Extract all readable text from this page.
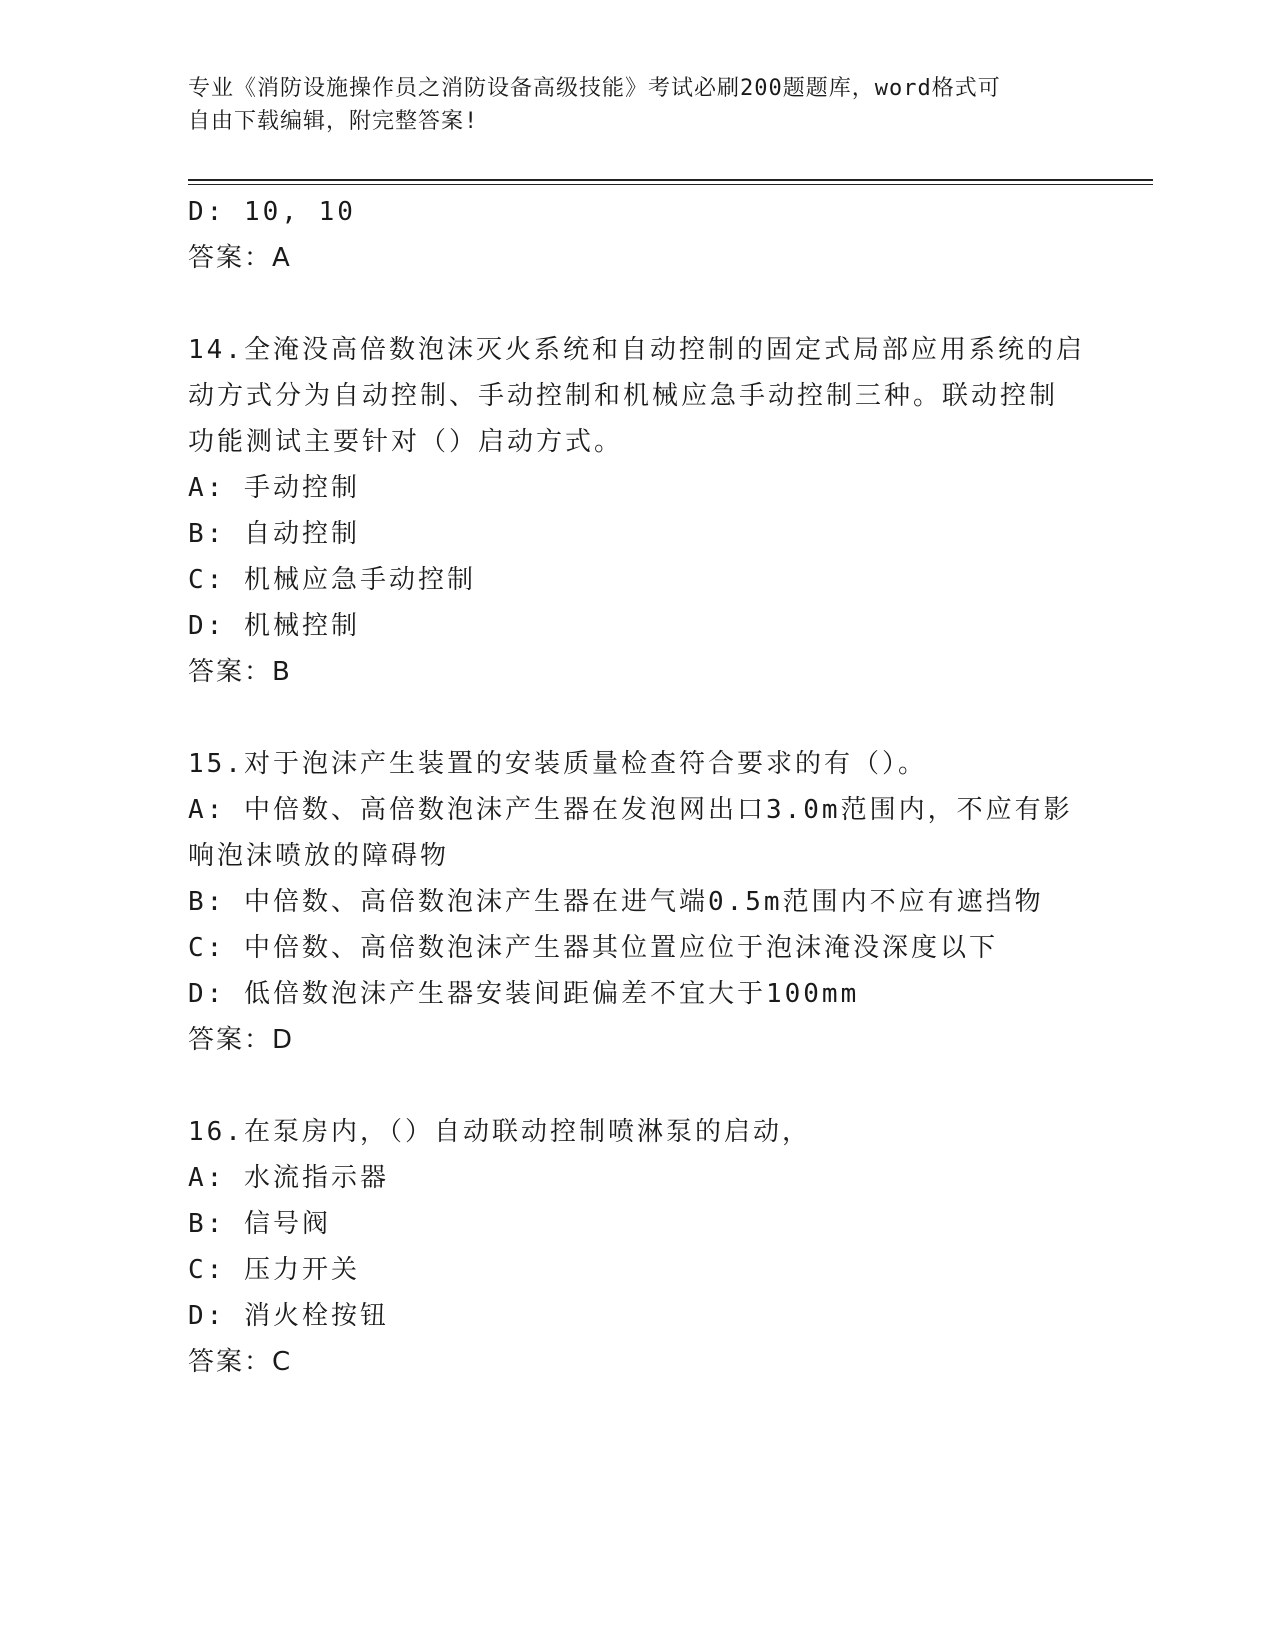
专业《消防设施操作员之消防设备高级技能》考试必刷200题题库，word格式可
自由下载编辑，附完整答案!
D: 10, 10
答案：A
14.全淹没高倍数泡沫灭火系统和自动控制的固定式局部应用系统的启
动方式分为自动控制、手动控制和机械应急手动控制三种。联动控制
功能测试主要针对（）启动方式。
A: 手动控制
B: 自动控制
C: 机械应急手动控制
D: 机械控制
答案：B
15.对于泡沫产生装置的安装质量检查符合要求的有（）。
A: 中倍数、高倍数泡沫产生器在发泡网出口3.0m范围内，不应有影
响泡沫喷放的障碍物
B: 中倍数、高倍数泡沫产生器在进气端0.5m范围内不应有遮挡物
C: 中倍数、高倍数泡沫产生器其位置应位于泡沫淹没深度以下
D: 低倍数泡沫产生器安装间距偏差不宜大于100mm
答案：D
16.在泵房内，（）自动联动控制喷淋泵的启动，
A: 水流指示器
B: 信号阀
C: 压力开关
D: 消火栓按钮
答案：C
